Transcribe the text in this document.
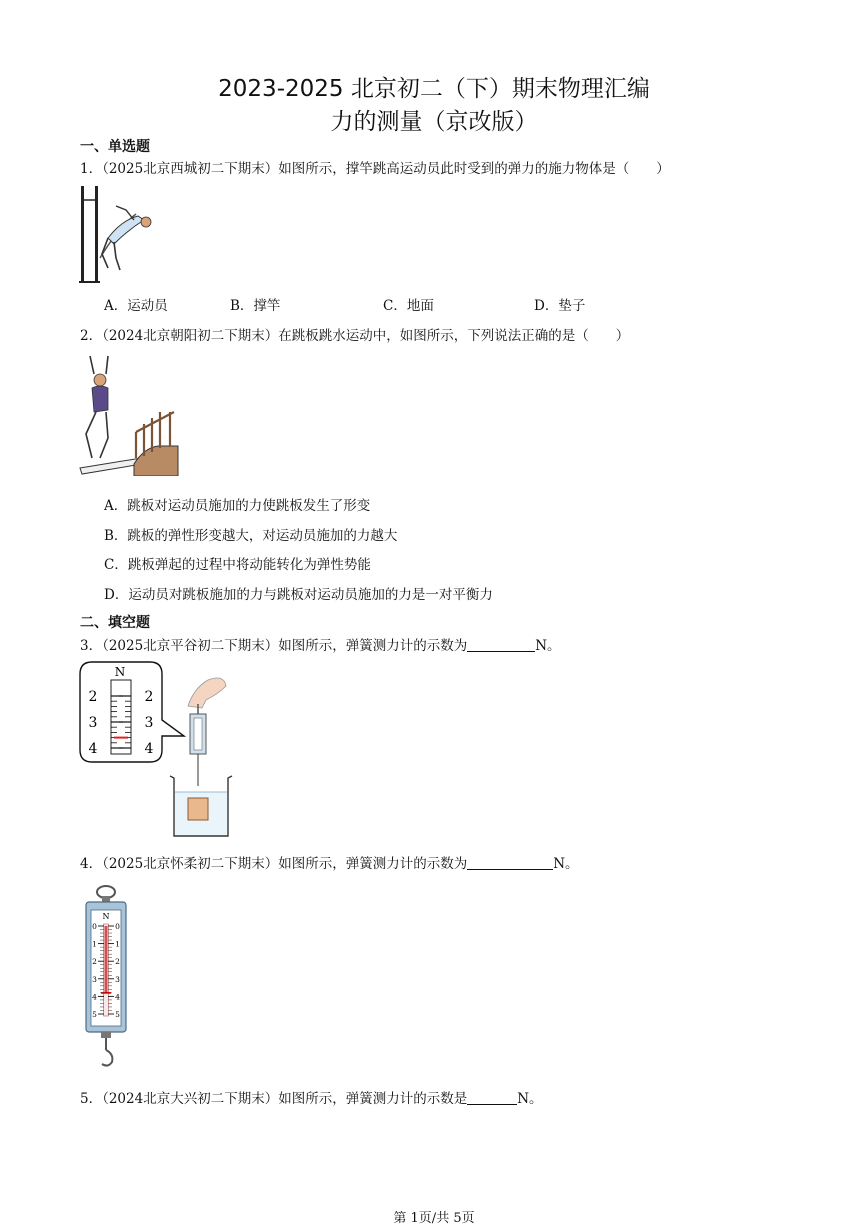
2023-2025 北京初二（下）期末物理汇编
力的测量（京改版）
一、单选题
1．（2025北京西城初二下期末）如图所示，撑竿跳高运动员此时受到的弹力的施力物体是（　　）
A．运动员	B．撑竿	C．地面	D．垫子
2．（2024北京朝阳初二下期末）在跳板跳水运动中，如图所示，下列说法正确的是（　　）
A．跳板对运动员施加的力使跳板发生了形变
B．跳板的弹性形变越大，对运动员施加的力越大
C．跳板弹起的过程中将动能转化为弹性势能
D．运动员对跳板施加的力与跳板对运动员施加的力是一对平衡力
二、填空题
3．（2025北京平谷初二下期末）如图所示，弹簧测力计的示数为	N。
N
2	2
3	3
4	4
4．（2025北京怀柔初二下期末）如图所示，弹簧测力计的示数为	N。
N
0 0
1 1
2 2
3 3
4 4
5 5
5．（2024北京大兴初二下期末）如图所示，弹簧测力计的示数是	N。
第 1页/共 5页
